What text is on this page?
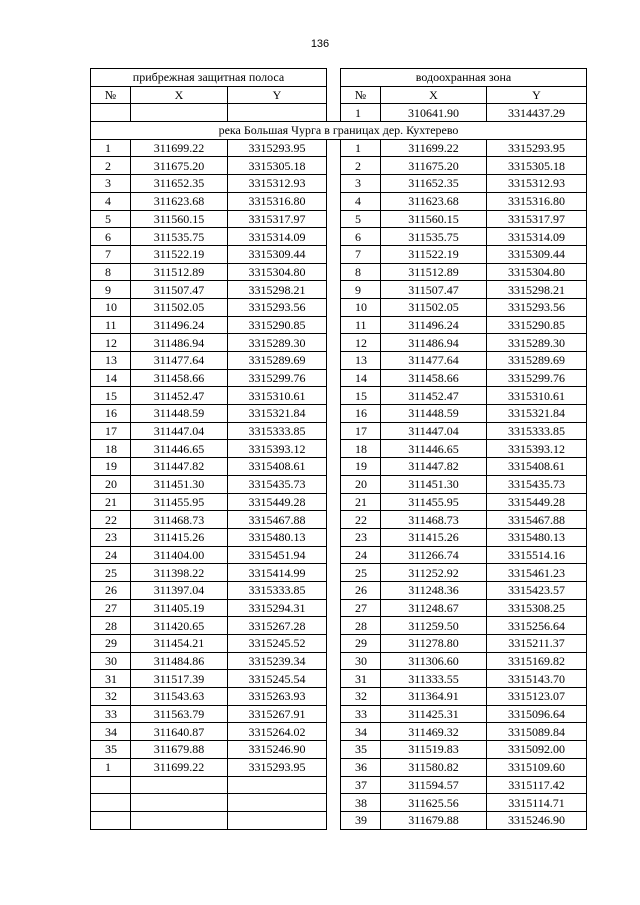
136
прибрежная защитная полоса				водоохранная зона		
№	X	Y		№	X	Y
				1	310641.90	3314437.29
река Большая Чурга в границах дер. Кухтерево						
1	311699.22	3315293.95		1	311699.22	3315293.95
2	311675.20	3315305.18		2	311675.20	3315305.18
3	311652.35	3315312.93		3	311652.35	3315312.93
4	311623.68	3315316.80		4	311623.68	3315316.80
5	311560.15	3315317.97		5	311560.15	3315317.97
6	311535.75	3315314.09		6	311535.75	3315314.09
7	311522.19	3315309.44		7	311522.19	3315309.44
8	311512.89	3315304.80		8	311512.89	3315304.80
9	311507.47	3315298.21		9	311507.47	3315298.21
10	311502.05	3315293.56		10	311502.05	3315293.56
11	311496.24	3315290.85		11	311496.24	3315290.85
12	311486.94	3315289.30		12	311486.94	3315289.30
13	311477.64	3315289.69		13	311477.64	3315289.69
14	311458.66	3315299.76		14	311458.66	3315299.76
15	311452.47	3315310.61		15	311452.47	3315310.61
16	311448.59	3315321.84		16	311448.59	3315321.84
17	311447.04	3315333.85		17	311447.04	3315333.85
18	311446.65	3315393.12		18	311446.65	3315393.12
19	311447.82	3315408.61		19	311447.82	3315408.61
20	311451.30	3315435.73		20	311451.30	3315435.73
21	311455.95	3315449.28		21	311455.95	3315449.28
22	311468.73	3315467.88		22	311468.73	3315467.88
23	311415.26	3315480.13		23	311415.26	3315480.13
24	311404.00	3315451.94		24	311266.74	3315514.16
25	311398.22	3315414.99		25	311252.92	3315461.23
26	311397.04	3315333.85		26	311248.36	3315423.57
27	311405.19	3315294.31		27	311248.67	3315308.25
28	311420.65	3315267.28		28	311259.50	3315256.64
29	311454.21	3315245.52		29	311278.80	3315211.37
30	311484.86	3315239.34		30	311306.60	3315169.82
31	311517.39	3315245.54		31	311333.55	3315143.70
32	311543.63	3315263.93		32	311364.91	3315123.07
33	311563.79	3315267.91		33	311425.31	3315096.64
34	311640.87	3315264.02		34	311469.32	3315089.84
35	311679.88	3315246.90		35	311519.83	3315092.00
1	311699.22	3315293.95		36	311580.82	3315109.60
				37	311594.57	3315117.42
				38	311625.56	3315114.71
				39	311679.88	3315246.90
